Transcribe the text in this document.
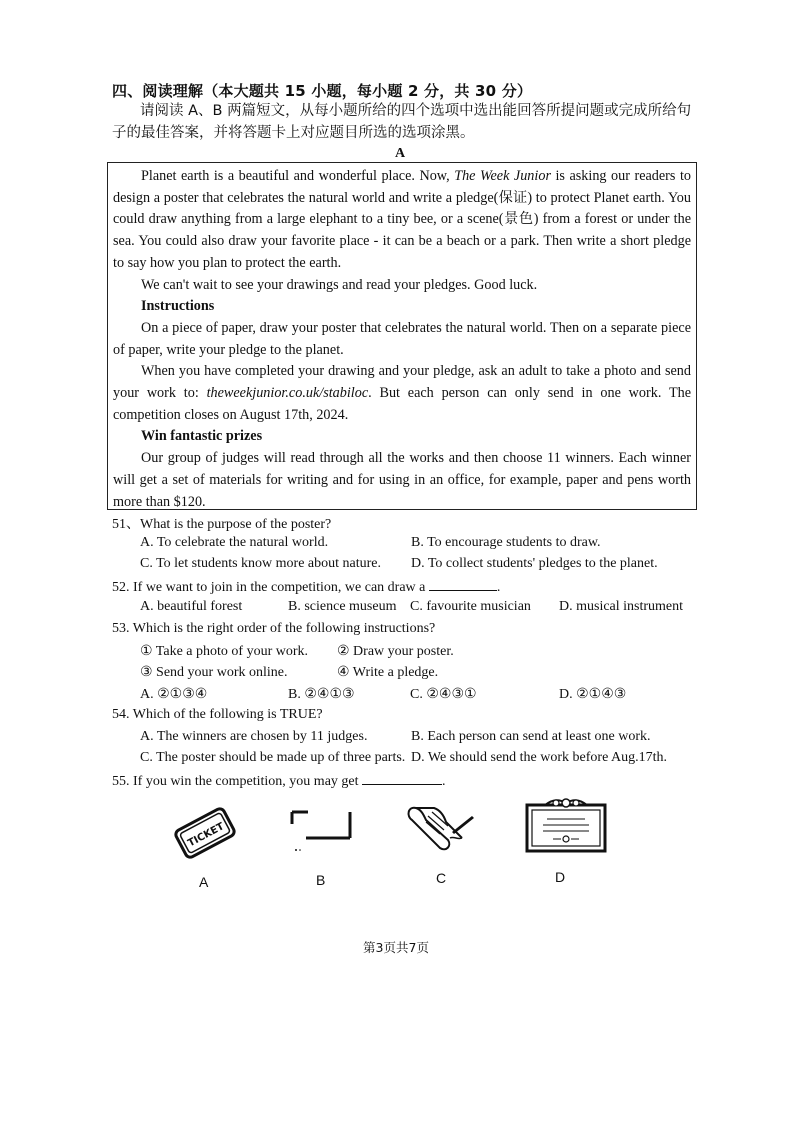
四、阅读理解（本大题共 15 小题，每小题 2 分，共 30 分）
请阅读 A、B 两篇短文，从每小题所给的四个选项中选出能回答所提问题或完成所给句子的最佳答案，并将答题卡上对应题目所选的选项涂黑。
A

Planet earth is a beautiful and wonderful place. Now, The Week Junior is asking our readers to design a poster that celebrates the natural world and write a pledge(保证) to protect Planet earth. You could draw anything from a large elephant to a tiny bee, or a scene(景色) from a forest or under the sea. You could also draw your favorite place - it can be a beach or a park. Then write a short pledge to say how you plan to protect the earth.

We can't wait to see your drawings and read your pledges. Good luck.

Instructions

On a piece of paper, draw your poster that celebrates the natural world. Then on a separate piece of paper, write your pledge to the planet.

When you have completed your drawing and your pledge, ask an adult to take a photo and send your work to: theweekjunior.co.uk/stabiloc. But each person can only send in one work. The competition closes on August 17th, 2024.

Win fantastic prizes

Our group of judges will read through all the works and then choose 11 winners. Each winner will get a set of materials for writing and for using in an office, for example, paper and pens worth more than $120.

51、What is the purpose of the poster?
A. To celebrate the natural world.	B. To encourage students to draw.
C. To let students know more about nature. D. To collect students' pledges to the planet.
52. If we want to join in the competition, we can draw a	.
A. beautiful forest	B. science museum C. favourite musician D. musical instrument
53. Which is the right order of the following instructions?
① Take a photo of your work. ② Draw your poster.
③ Send your work online.	④ Write a pledge.
A. ②①③④	B. ②④①③	C. ②④③①	D. ②①④③
54. Which of the following is TRUE?
A. The winners are chosen by 11 judges.	B. Each person can send at least one work.
C. The poster should be made up of three parts. D. We should send the work before Aug.17th.
55. If you win the competition, you may get	.
TICKET
A	B	C	D
第3页共7页
